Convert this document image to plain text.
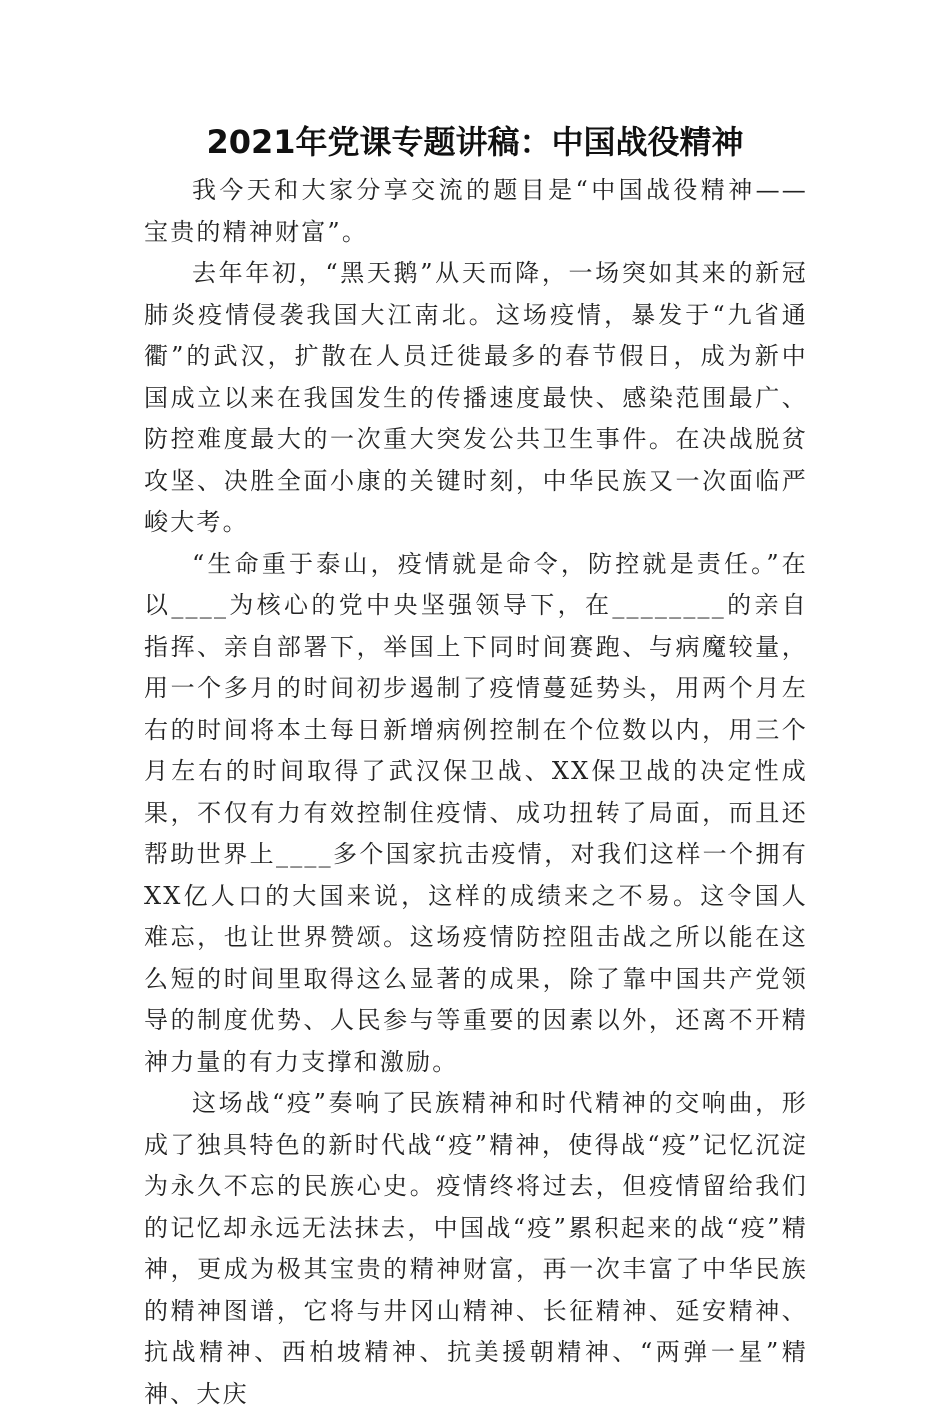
2021年党课专题讲稿：中国战役精神

我今天和大家分享交流的题目是“中国战役精神——宝贵的精神财富”。

去年年初，“黑天鹅”从天而降，一场突如其来的新冠肺炎疫情侵袭我国大江南北。这场疫情，暴发于“九省通衢”的武汉，扩散在人员迁徙最多的春节假日，成为新中国成立以来在我国发生的传播速度最快、感染范围最广、防控难度最大的一次重大突发公共卫生事件。在决战脱贫攻坚、决胜全面小康的关键时刻，中华民族又一次面临严峻大考。

“生命重于泰山，疫情就是命令，防控就是责任。”在以____为核心的党中央坚强领导下，在________的亲自指挥、亲自部署下，举国上下同时间赛跑、与病魔较量，用一个多月的时间初步遏制了疫情蔓延势头，用两个月左右的时间将本土每日新增病例控制在个位数以内，用三个月左右的时间取得了武汉保卫战、XX保卫战的决定性成果，不仅有力有效控制住疫情、成功扭转了局面，而且还帮助世界上____多个国家抗击疫情，对我们这样一个拥有XX亿人口的大国来说，这样的成绩来之不易。这令国人难忘，也让世界赞颂。这场疫情防控阻击战之所以能在这么短的时间里取得这么显著的成果，除了靠中国共产党领导的制度优势、人民参与等重要的因素以外，还离不开精神力量的有力支撑和激励。

这场战“疫”奏响了民族精神和时代精神的交响曲，形成了独具特色的新时代战“疫”精神，使得战“疫”记忆沉淀为永久不忘的民族心史。疫情终将过去，但疫情留给我们的记忆却永远无法抹去，中国战“疫”累积起来的战“疫”精神，更成为极其宝贵的精神财富，再一次丰富了中华民族的精神图谱，它将与井冈山精神、长征精神、延安精神、抗战精神、西柏坡精神、抗美援朝精神、“两弹一星”精神、大庆
